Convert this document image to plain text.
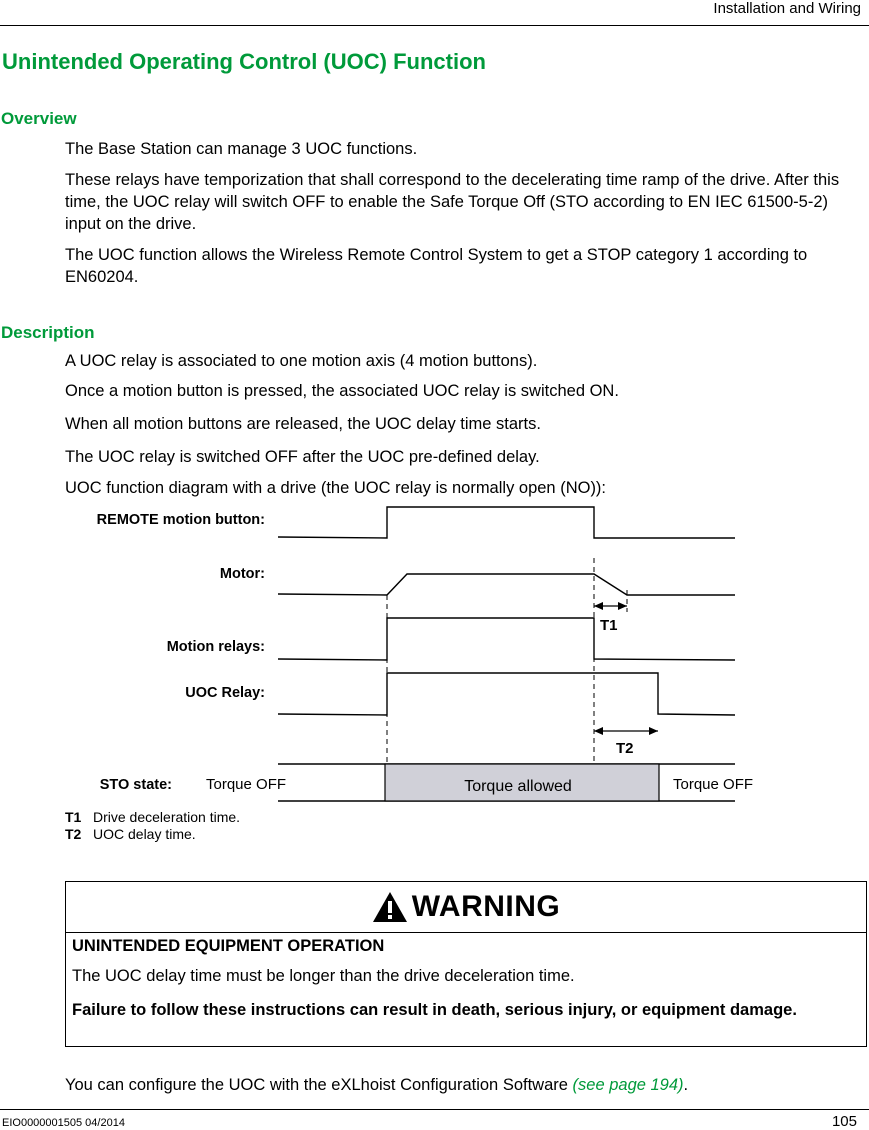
Installation and Wiring
Unintended Operating Control (UOC) Function
Overview

The Base Station can manage 3 UOC functions.

These relays have temporization that shall correspond to the decelerating time ramp of the drive. After this time, the UOC relay will switch OFF to enable the Safe Torque Off (STO according to EN IEC 61500-5-2) input on the drive.

The UOC function allows the Wireless Remote Control System to get a STOP category 1 according to EN60204.

Description

A UOC relay is associated to one motion axis (4 motion buttons).

Once a motion button is pressed, the associated UOC relay is switched ON.

When all motion buttons are released, the UOC delay time starts.

The UOC relay is switched OFF after the UOC pre-defined delay.

UOC function diagram with a drive (the UOC relay is normally open (NO)):

REMOTE motion button:
Motor:
Motion relays:
UOC Relay:
STO state:
T1
T2
Torque OFF	Torque allowed	Torque OFF
T1 Drive deceleration time.
T2 UOC delay time.
WARNING
UNINTENDED EQUIPMENT OPERATION
The UOC delay time must be longer than the drive deceleration time.
Failure to follow these instructions can result in death, serious injury, or equipment damage.

You can configure the UOC with the eXLhoist Configuration Software (see page 194).

EIO0000001505 04/2014	105
